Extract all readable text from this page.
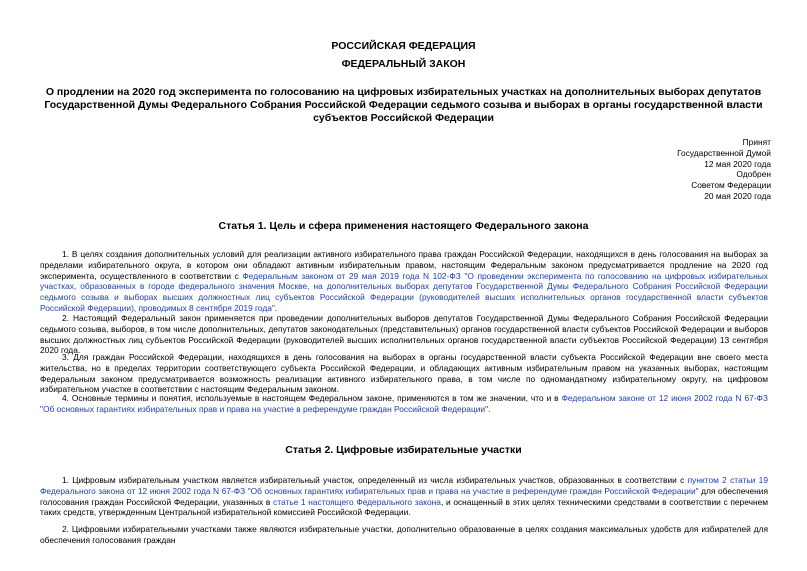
РОССИЙСКАЯ ФЕДЕРАЦИЯ
ФЕДЕРАЛЬНЫЙ ЗАКОН
О продлении на 2020 год эксперимента по голосованию на цифровых избирательных участках на дополнительных выборах депутатов Государственной Думы Федерального Собрания Российской Федерации седьмого созыва и выборах в органы государственной власти субъектов Российской Федерации
Принят
Государственной Думой
12 мая 2020 года
Одобрен
Советом Федерации
20 мая 2020 года
Статья 1. Цель и сфера применения настоящего Федерального закона
1. В целях создания дополнительных условий для реализации активного избирательного права граждан Российской Федерации, находящихся в день голосования на выборах за пределами избирательного округа, в котором они обладают активным избирательным правом, настоящим Федеральным законом предусматривается продление на 2020 год эксперимента, осуществленного в соответствии с Федеральным законом от 29 мая 2019 года N 102-ФЗ "О проведении эксперимента по голосованию на цифровых избирательных участках, образованных в городе федерального значения Москве, на дополнительных выборах депутатов Государственной Думы Федерального Собрания Российской Федерации седьмого созыва и выборах высших должностных лиц субъектов Российской Федерации (руководителей высших исполнительных органов государственной власти субъектов Российской Федерации), проводимых 8 сентября 2019 года".
2. Настоящий Федеральный закон применяется при проведении дополнительных выборов депутатов Государственной Думы Федерального Собрания Российской Федерации седьмого созыва, выборов, в том числе дополнительных, депутатов законодательных (представительных) органов государственной власти субъектов Российской Федерации и выборов высших должностных лиц субъектов Российской Федерации (руководителей высших исполнительных органов государственной власти субъектов Российской Федерации) 13 сентября 2020 года.
3. Для граждан Российской Федерации, находящихся в день голосования на выборах в органы государственной власти субъекта Российской Федерации вне своего места жительства, но в пределах территории соответствующего субъекта Российской Федерации, и обладающих активным избирательным правом на указанных выборах, настоящим Федеральным законом предусматривается возможность реализации активного избирательного права, в том числе по одномандатному избирательному округу, на цифровом избирательном участке в соответствии с настоящим Федеральным законом.
4. Основные термины и понятия, используемые в настоящем Федеральном законе, применяются в том же значении, что и в Федеральном законе от 12 июня 2002 года N 67-ФЗ "Об основных гарантиях избирательных прав и права на участие в референдуме граждан Российской Федерации".
Статья 2. Цифровые избирательные участки
1. Цифровым избирательным участком является избирательный участок, определенный из числа избирательных участков, образованных в соответствии с пунктом 2 статьи 19 Федерального закона от 12 июня 2002 года N 67-ФЗ "Об основных гарантиях избирательных прав и права на участие в референдуме граждан Российской Федерации" для обеспечения голосования граждан Российской Федерации, указанных в статье 1 настоящего Федерального закона, и оснащенный в этих целях техническими средствами в соответствии с перечнем таких средств, утвержденным Центральной избирательной комиссией Российской Федерации.
2. Цифровыми избирательными участками также являются избирательные участки, дополнительно образованные в целях создания максимальных удобств для избирателей для обеспечения голосования граждан
